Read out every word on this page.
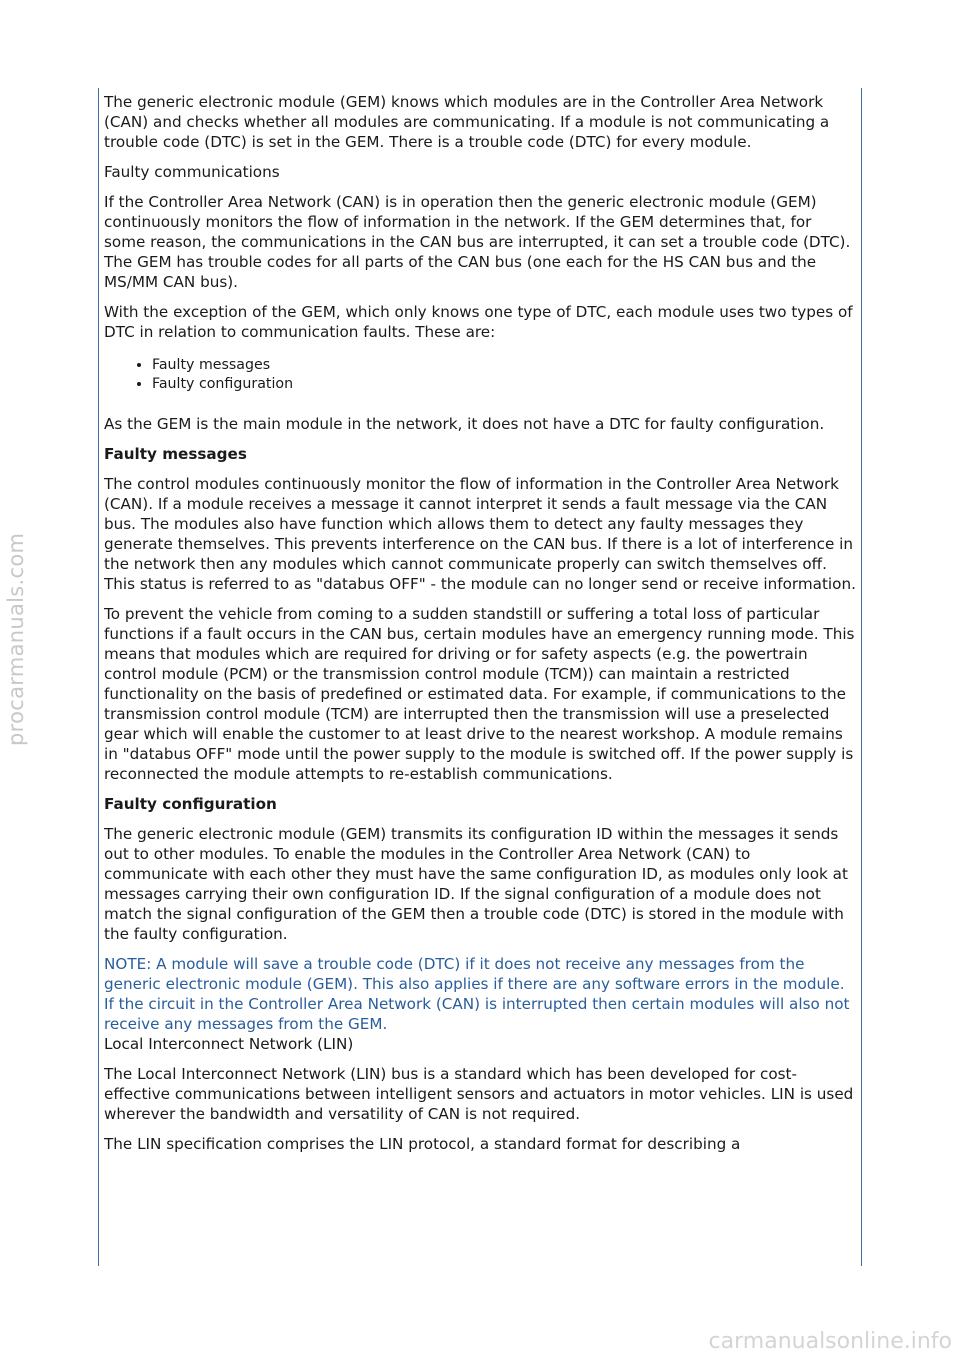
The generic electronic module (GEM) knows which modules are in the Controller Area Network (CAN) and checks whether all modules are communicating. If a module is not communicating a trouble code (DTC) is set in the GEM. There is a trouble code (DTC) for every module.

Faulty communications

If the Controller Area Network (CAN) is in operation then the generic electronic module (GEM) continuously monitors the flow of information in the network. If the GEM determines that, for some reason, the communications in the CAN bus are interrupted, it can set a trouble code (DTC). The GEM has trouble codes for all parts of the CAN bus (one each for the HS CAN bus and the MS/MM CAN bus).

With the exception of the GEM, which only knows one type of DTC, each module uses two types of DTC in relation to communication faults. These are:

• Faulty messages
• Faulty configuration

As the GEM is the main module in the network, it does not have a DTC for faulty configuration.

Faulty messages

The control modules continuously monitor the flow of information in the Controller Area Network (CAN). If a module receives a message it cannot interpret it sends a fault message via the CAN bus. The modules also have function which allows them to detect any faulty messages they generate themselves. This prevents interference on the CAN bus. If there is a lot of interference in the network then any modules which cannot communicate properly can switch themselves off. This status is referred to as "databus OFF" - the module can no longer send or receive information.

To prevent the vehicle from coming to a sudden standstill or suffering a total loss of particular functions if a fault occurs in the CAN bus, certain modules have an emergency running mode. This means that modules which are required for driving or for safety aspects (e.g. the powertrain control module (PCM) or the transmission control module (TCM)) can maintain a restricted functionality on the basis of predefined or estimated data. For example, if communications to the transmission control module (TCM) are interrupted then the transmission will use a preselected gear which will enable the customer to at least drive to the nearest workshop. A module remains in "databus OFF" mode until the power supply to the module is switched off. If the power supply is reconnected the module attempts to re-establish communications.

Faulty configuration

The generic electronic module (GEM) transmits its configuration ID within the messages it sends out to other modules. To enable the modules in the Controller Area Network (CAN) to communicate with each other they must have the same configuration ID, as modules only look at messages carrying their own configuration ID. If the signal configuration of a module does not match the signal configuration of the GEM then a trouble code (DTC) is stored in the module with the faulty configuration.

NOTE: A module will save a trouble code (DTC) if it does not receive any messages from the generic electronic module (GEM). This also applies if there are any software errors in the module. If the circuit in the Controller Area Network (CAN) is interrupted then certain modules will also not receive any messages from the GEM.

Local Interconnect Network (LIN)

The Local Interconnect Network (LIN) bus is a standard which has been developed for cost-effective communications between intelligent sensors and actuators in motor vehicles. LIN is used wherever the bandwidth and versatility of CAN is not required.

The LIN specification comprises the LIN protocol, a standard format for describing a

procarmanuals.com
carmanualsonline.info
